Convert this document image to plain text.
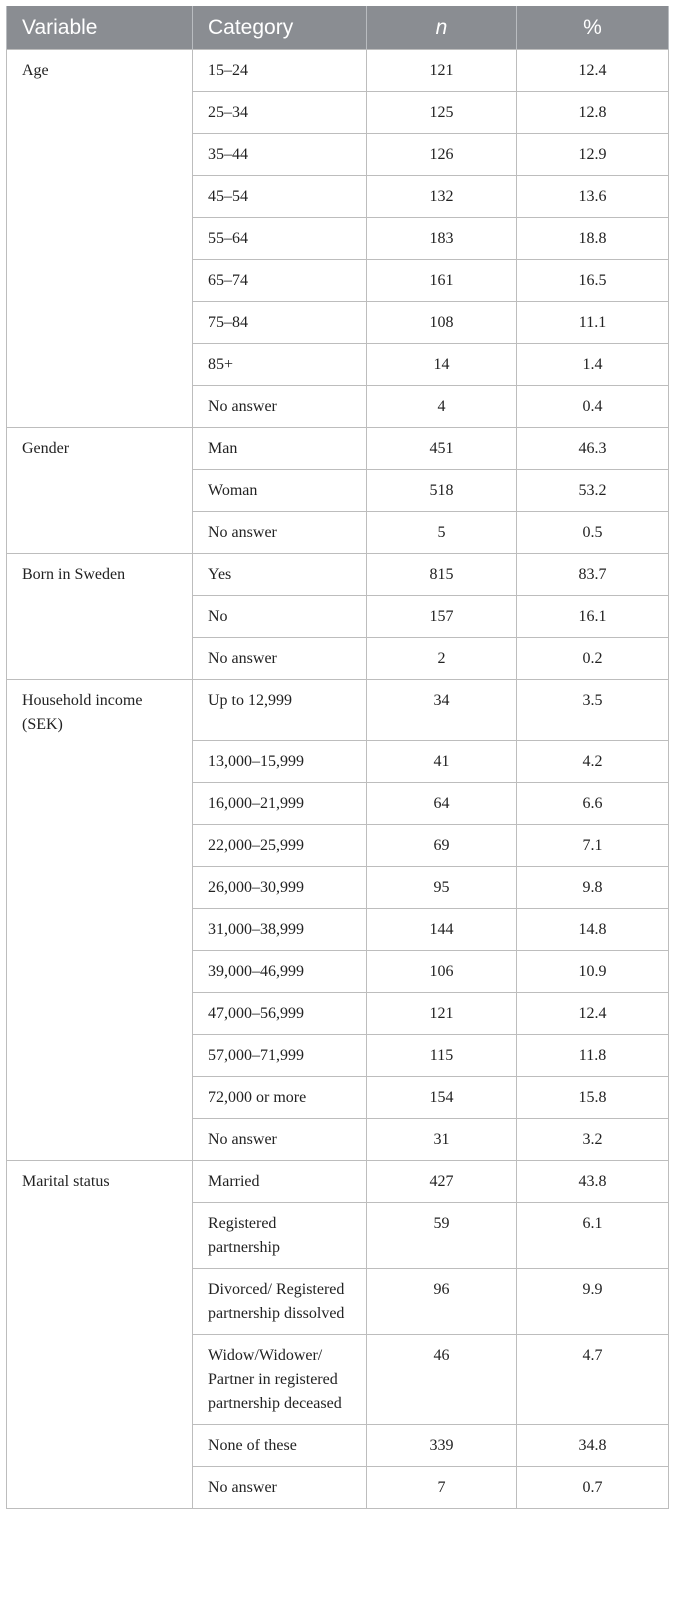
Variable	Category	n	%
Age	15–24	121	12.4
	25–34	125	12.8
	35–44	126	12.9
	45–54	132	13.6
	55–64	183	18.8
	65–74	161	16.5
	75–84	108	11.1
	85+	14	1.4
	No answer	4	0.4
Gender	Man	451	46.3
	Woman	518	53.2
	No answer	5	0.5
Born in Sweden	Yes	815	83.7
	No	157	16.1
	No answer	2	0.2
Household income (SEK)	Up to 12,999	34	3.5
	13,000–15,999	41	4.2
	16,000–21,999	64	6.6
	22,000–25,999	69	7.1
	26,000–30,999	95	9.8
	31,000–38,999	144	14.8
	39,000–46,999	106	10.9
	47,000–56,999	121	12.4
	57,000–71,999	115	11.8
	72,000 or more	154	15.8
	No answer	31	3.2
Marital status	Married	427	43.8
	Registered partnership	59	6.1
	Divorced/ Registered partnership dissolved	96	9.9
	Widow/Widower/ Partner in registered partnership deceased	46	4.7
	None of these	339	34.8
	No answer	7	0.7
